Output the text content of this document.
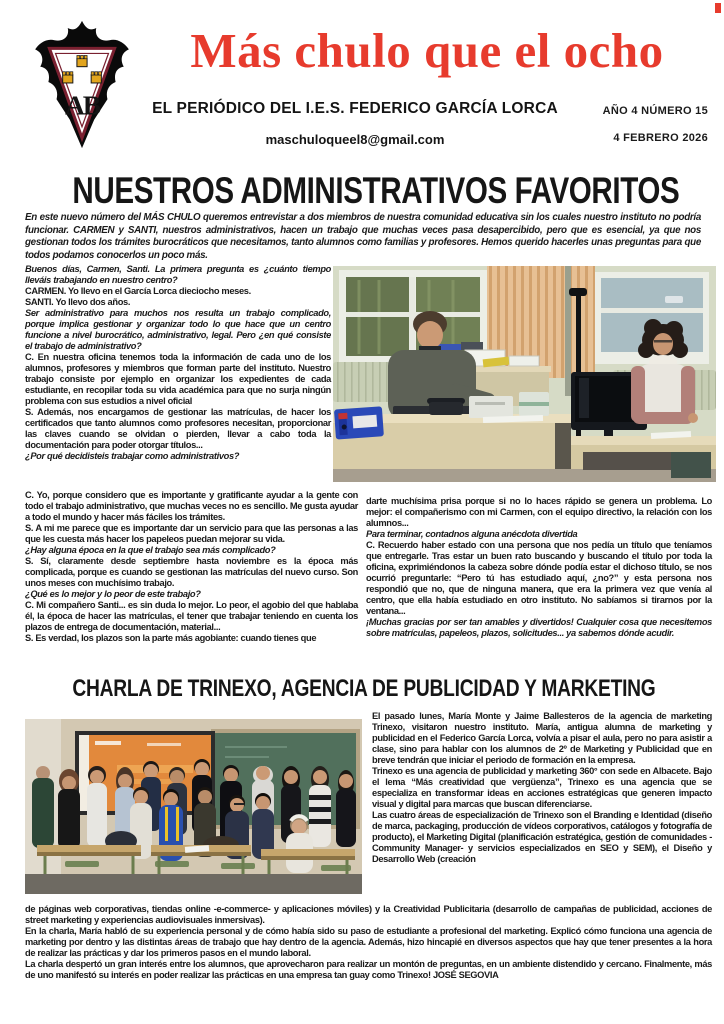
AB
Más chulo que el ocho
EL PERIÓDICO DEL I.E.S. FEDERICO GARCÍA LORCA
maschuloqueel8@gmail.com
AÑO 4 NÚMERO 15
4 FEBRERO 2026
NUESTROS ADMINISTRATIVOS FAVORITOS

En este nuevo número del MÁS CHULO queremos entrevistar a dos miembros de nuestra comunidad educativa sin los cuales nuestro instituto no podría funcionar. CARMEN y SANTI, nuestros administrativos, hacen un trabajo que muchas veces pasa desapercibido, pero que es esencial, ya que nos gestionan todos los trámites burocráticos que necesitamos, tanto alumnos como familias y profesores. Hemos querido hacerles unas preguntas para que todos podamos conocerlos un poco más.

Buenos días, Carmen, Santi. La primera pregunta es ¿cuánto tiempo lleváis trabajando en nuestro centro?

CARMEN. Yo llevo en el García Lorca dieciocho meses.

SANTI. Yo llevo dos años.

Ser administrativo para muchos nos resulta un trabajo complicado, porque implica gestionar y organizar todo lo que hace que un centro funcione a nivel burocrático, administrativo, legal. Pero ¿en qué consiste el trabajo de administrativo?

C. En nuestra oficina tenemos toda la información de cada uno de los alumnos, profesores y miembros que forman parte del instituto. Nuestro trabajo consiste por ejemplo en organizar los expedientes de cada estudiante, en recopilar toda su vida académica para que no surja ningún problema con sus estudios a nivel oficial

S. Además, nos encargamos de gestionar las matrículas, de hacer los certificados que tanto alumnos como profesores necesitan, proporcionar las claves cuando se olvidan o pierden, llevar a cabo toda la documentación para poder otorgar títulos...

¿Por qué decidisteis trabajar como administrativos?

C. Yo, porque considero que es importante y gratificante ayudar a la gente con todo el trabajo administrativo, que muchas veces no es sencillo. Me gusta ayudar a todo el mundo y hacer más fáciles los trámites.

S. A mi me parece que es importante dar un servicio para que las personas a las que les cuesta más hacer los papeleos puedan mejorar su vida.

¿Hay alguna época en la que el trabajo sea más complicado?

S. Sí, claramente desde septiembre hasta noviembre es la época más complicada, porque es cuando se gestionan las matrículas del nuevo curso. Son unos meses con muchísimo trabajo.

¿Qué es lo mejor y lo peor de este trabajo?

C. Mi compañero Santi... es sin duda lo mejor. Lo peor, el agobio del que hablaba él, la época de hacer las matrículas, el tener que trabajar teniendo en cuenta los plazos de entrega de documentación, material...

S. Es verdad, los plazos son la parte más agobiante: cuando tienes que

darte muchísima prisa porque si no lo haces rápido se genera un problema. Lo mejor: el compañerismo con mi Carmen, con el equipo directivo, la relación con los alumnos...

Para terminar, contadnos alguna anécdota divertida

C. Recuerdo haber estado con una persona que nos pedía un título que teníamos que entregarle. Tras estar un buen rato buscando y buscando el título por toda la oficina, exprimiéndonos la cabeza sobre dónde podía estar el dichoso título, se nos ocurrió preguntarle: “Pero tú has estudiado aquí, ¿no?” y esta persona nos respondió que no, que de ninguna manera, que era la primera vez que venía al centro, que ella había estudiado en otro instituto. No sabíamos si tirarnos por la ventana...

¡Muchas gracias por ser tan amables y divertidos! Cualquier cosa que necesitemos sobre matrículas, papeleos, plazos, solicitudes... ya sabemos dónde acudir.

CHARLA DE TRINEXO, AGENCIA DE PUBLICIDAD Y MARKETING

El pasado lunes, María Monte y Jaime Ballesteros de la agencia de marketing Trinexo, visitaron nuestro instituto. María, antigua alumna de marketing y publicidad en el Federico García Lorca, volvía a pisar el aula, pero no para asistir a clase, sino para hablar con los alumnos de 2º de Marketing y Publicidad que en breve tendrán que iniciar el periodo de formación en la empresa.

Trinexo es una agencia de publicidad y marketing 360° con sede en Albacete. Bajo el lema “Más creatividad que vergüenza”, Trinexo es una agencia que se especializa en transformar ideas en acciones estratégicas que generen impacto visual y digital para marcas que buscan diferenciarse.

Las cuatro áreas de especialización de Trinexo son el Branding e Identidad (diseño de marca, packaging, producción de vídeos corporativos, catálogos y fotografía de producto), el Marketing Digital (planificación estratégica, gestión de comunidades -Community Manager- y servicios especializados en SEO y SEM), el Diseño y Desarrollo Web (creación

de páginas web corporativas, tiendas online -e-commerce- y aplicaciones móviles) y la Creatividad Publicitaria (desarrollo de campañas de publicidad, acciones de street marketing y experiencias audiovisuales inmersivas).

En la charla, María habló de su experiencia personal y de cómo había sido su paso de estudiante a profesional del marketing. Explicó cómo funciona una agencia de marketing por dentro y las distintas áreas de trabajo que hay dentro de la agencia. Además, hizo hincapié en diversos aspectos que hay que tener presentes a la hora de realizar las prácticas y dar los primeros pasos en el mundo laboral.

La charla despertó un gran interés entre los alumnos, que aprovecharon para realizar un montón de preguntas, en un ambiente distendido y cercano. Finalmente, más de uno manifestó su interés en poder realizar las prácticas en una empresa tan guay como Trinexo! JOSÉ SEGOVIA
